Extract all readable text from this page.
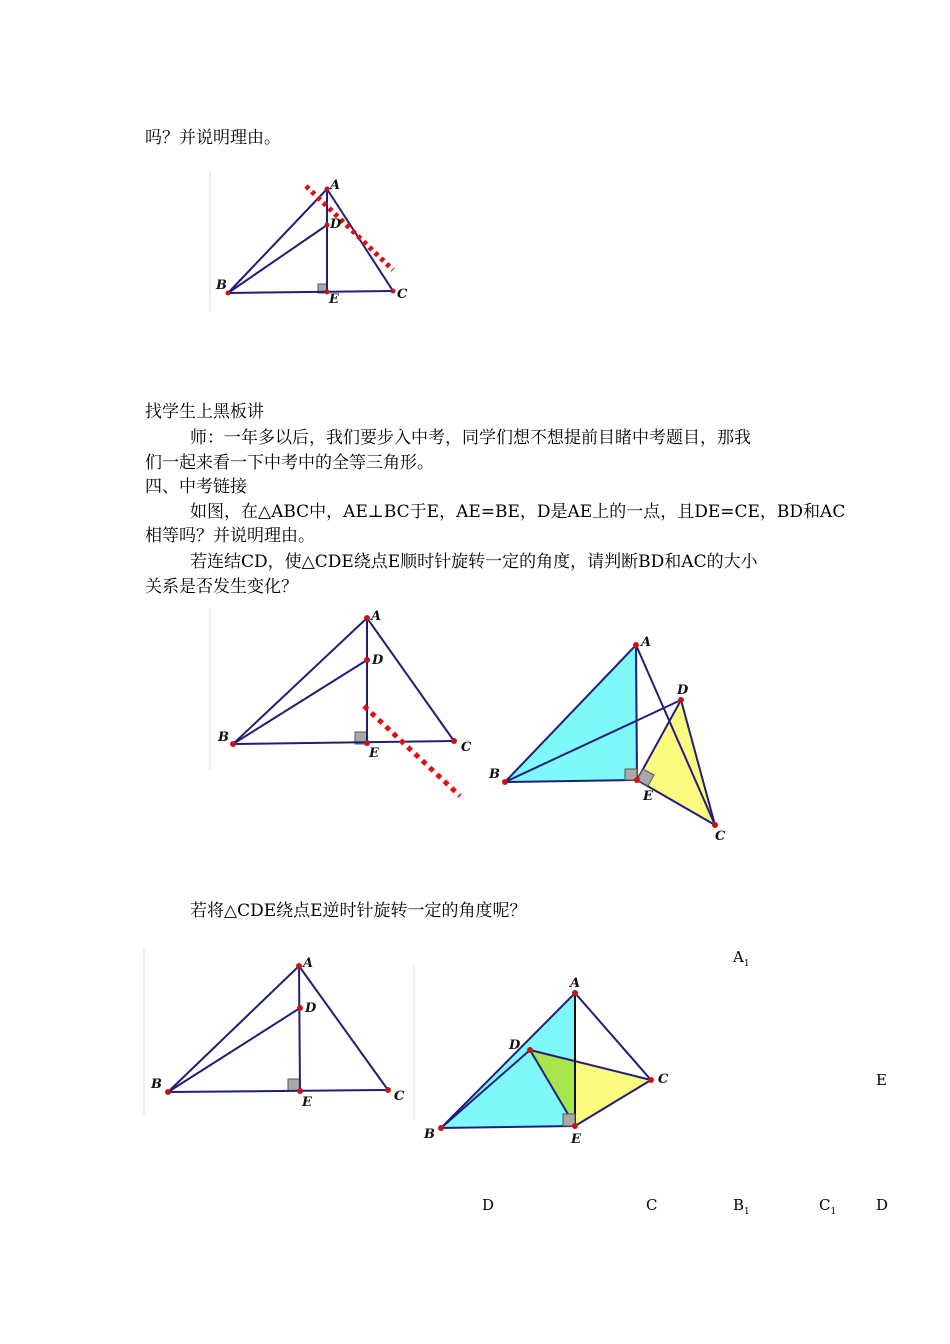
吗？并说明理由。
找学生上黑板讲
师：一年多以后，我们要步入中考，同学们想不想提前目睹中考题目，那我
们一起来看一下中考中的全等三角形。
四、中考链接
如图，在△ABC中，AE⊥BC于E，AE=BE，D是AE上的一点，且DE=CE，BD和AC
相等吗？并说明理由。
若连结CD，使△CDE绕点E顺时针旋转一定的角度，请判断BD和AC的大小
关系是否发生变化？
若将△CDE绕点E逆时针旋转一定的角度呢？
A
D
B
E	C
A
D
B
E	C
A
D
B
E
C
A
D
B
E	C
A
D
B	E
C
$A_1$
E
D	C	$B_1$	$C_1$	D
